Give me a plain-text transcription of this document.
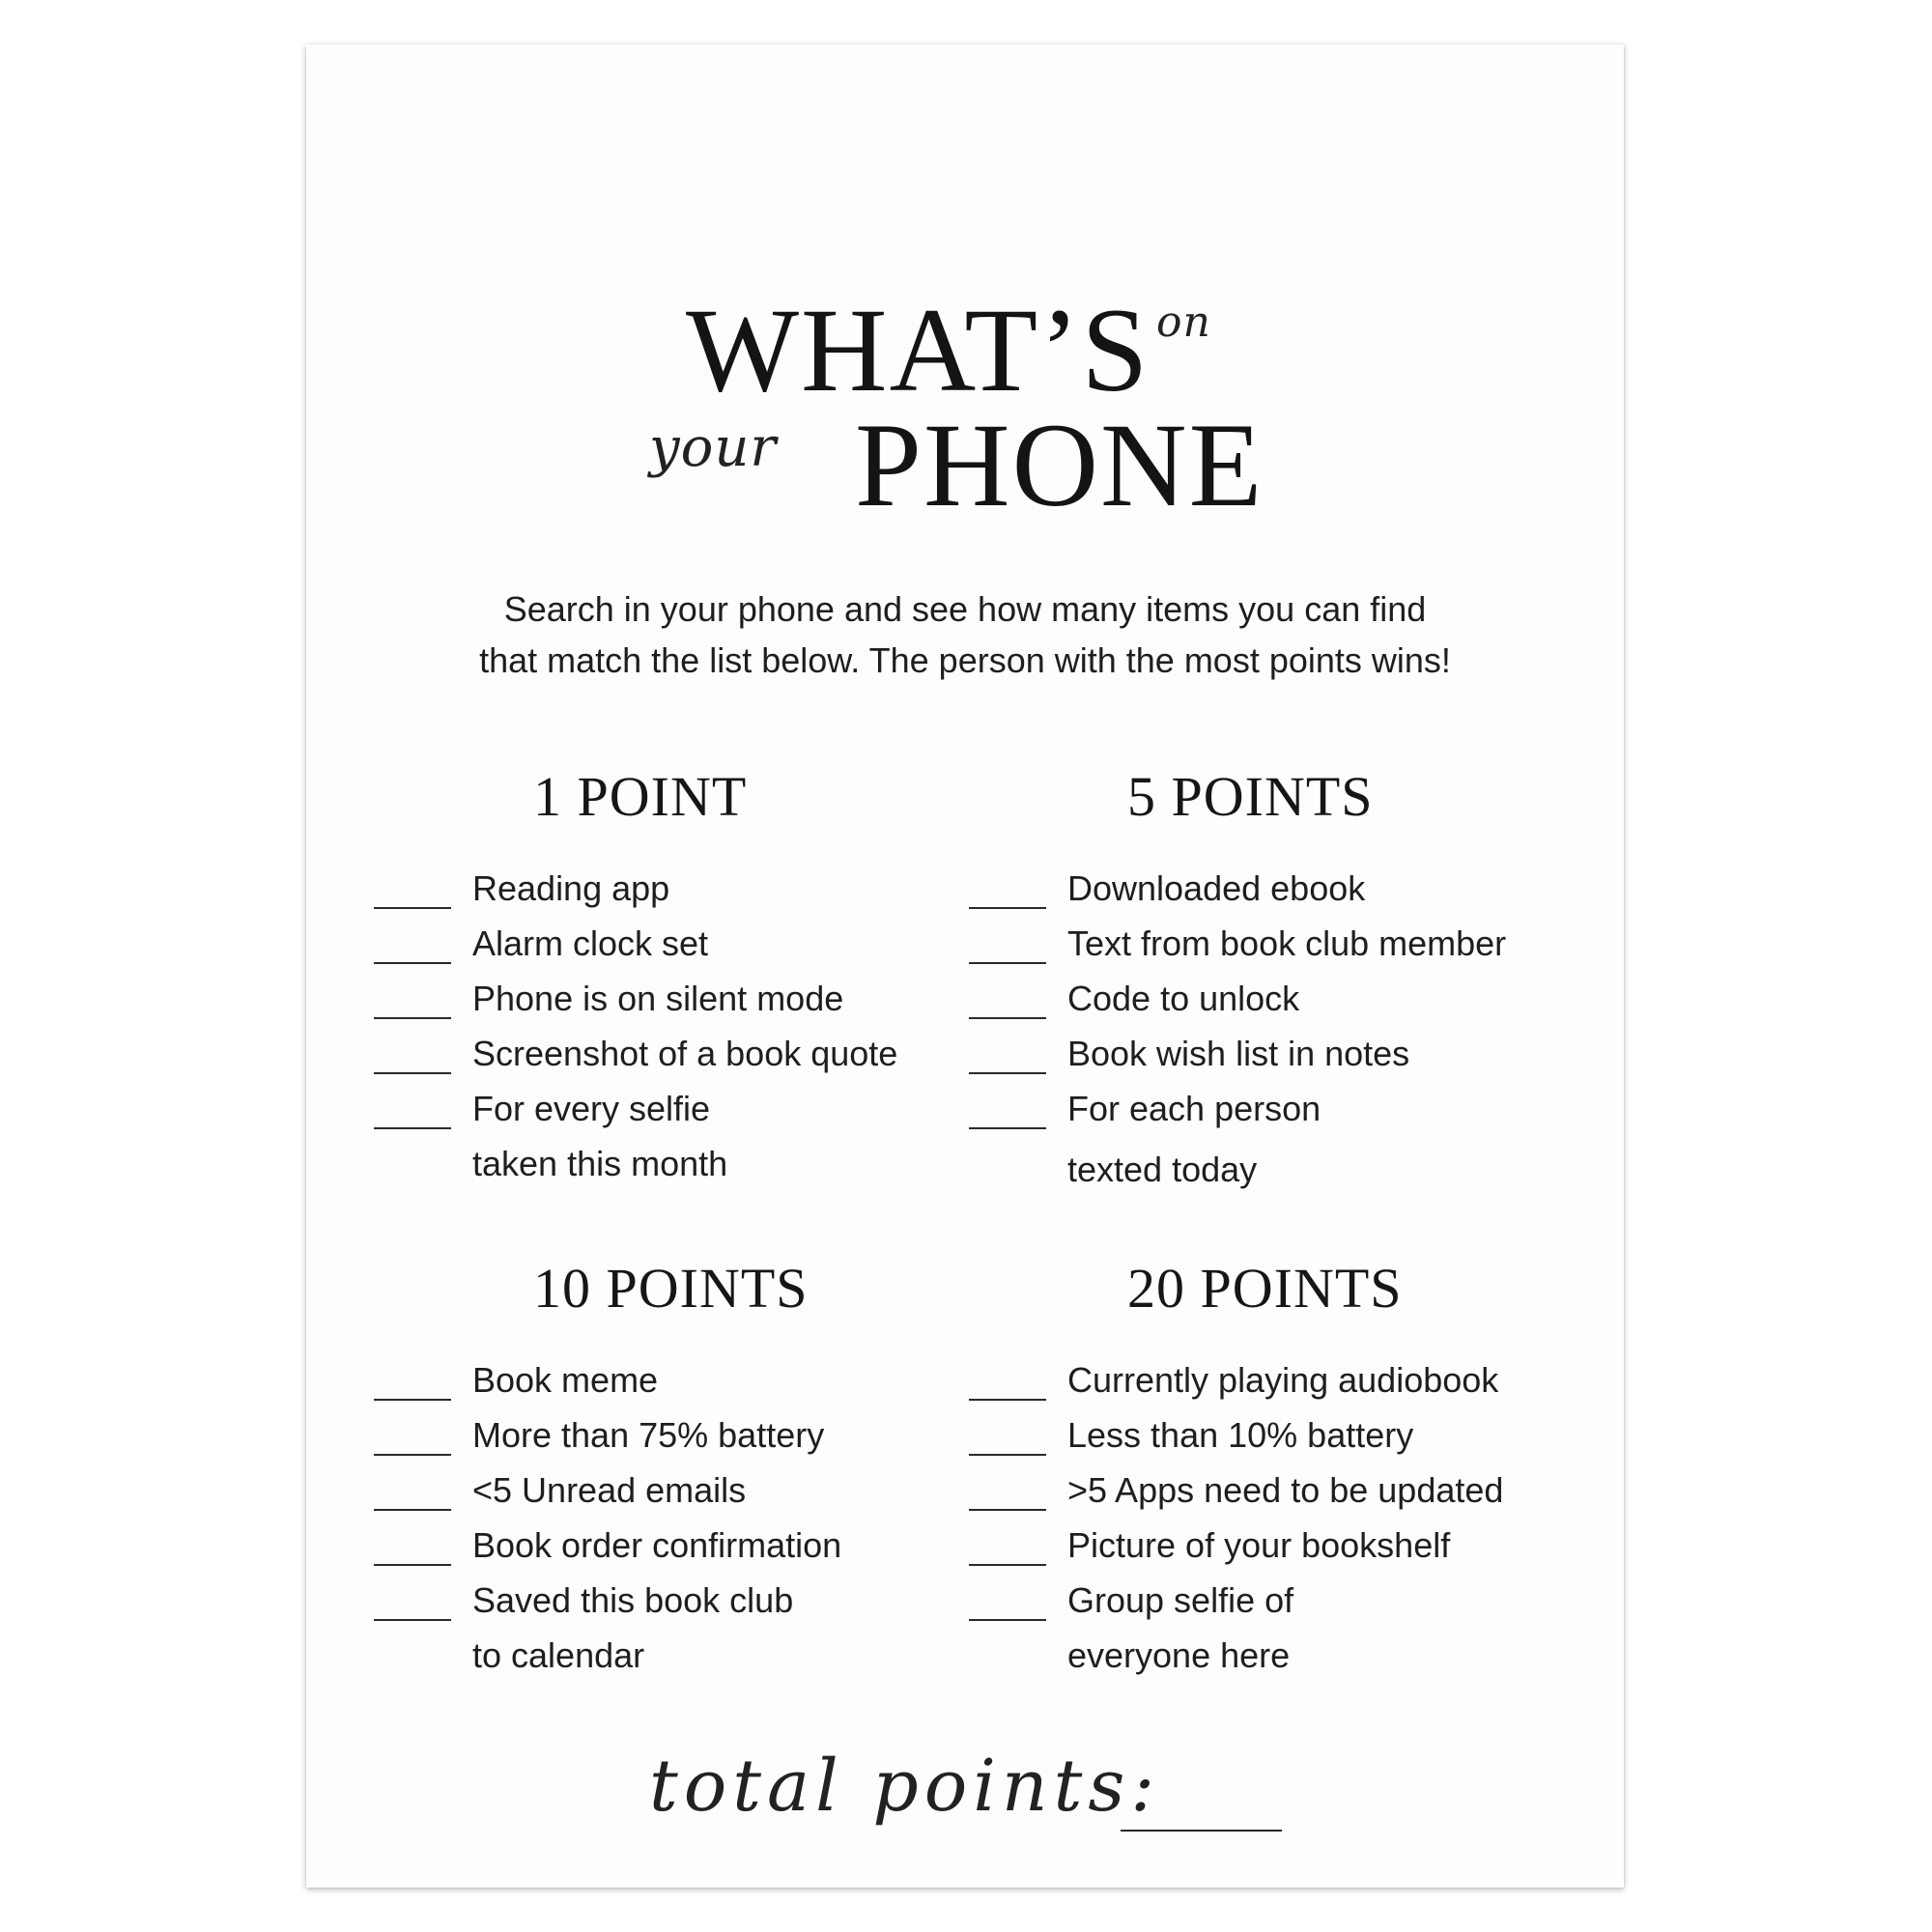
WHAT’S on
your PHONE
Search in your phone and see how many items you can find
that match the list below. The person with the most points wins!
1 POINT
Reading app
Alarm clock set
Phone is on silent mode
Screenshot of a book quote
For every selfie
taken this month
5 POINTS
Downloaded ebook
Text from book club member
Code to unlock
Book wish list in notes
For each person
texted today
10 POINTS
Book meme
More than 75% battery
<5 Unread emails
Book order confirmation
Saved this book club
to calendar
20 POINTS
Currently playing audiobook
Less than 10% battery
>5 Apps need to be updated
Picture of your bookshelf
Group selfie of
everyone here
total points:
